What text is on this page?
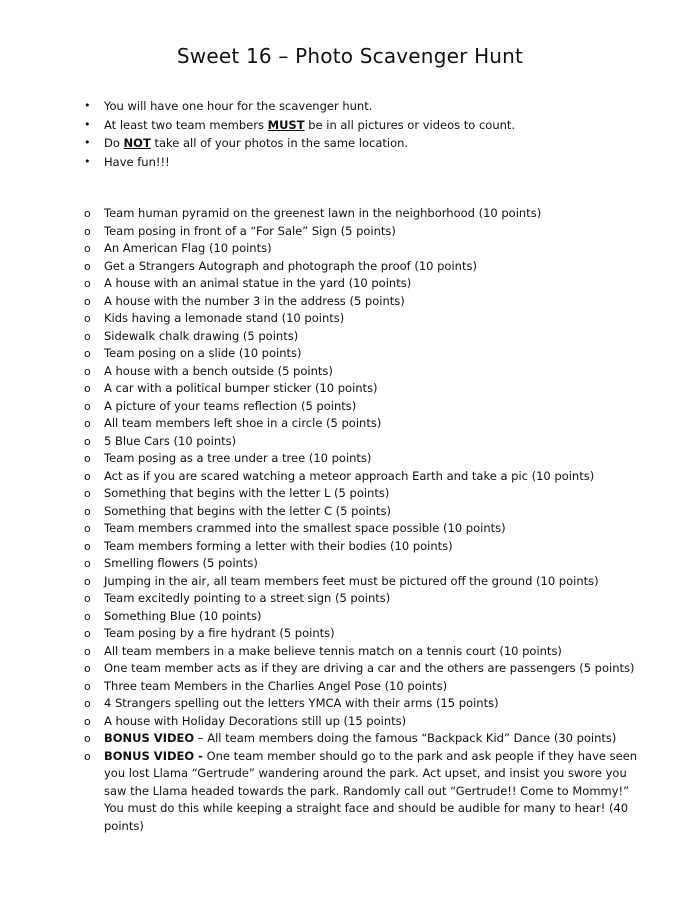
Sweet 16 – Photo Scavenger Hunt
• You will have one hour for the scavenger hunt.
• At least two team members MUST be in all pictures or videos to count.
• Do NOT take all of your photos in the same location.
• Have fun!!!
o Team human pyramid on the greenest lawn in the neighborhood (10 points)
o Team posing in front of a “For Sale” Sign (5 points)
o An American Flag (10 points)
o Get a Strangers Autograph and photograph the proof (10 points)
o A house with an animal statue in the yard (10 points)
o A house with the number 3 in the address (5 points)
o Kids having a lemonade stand (10 points)
o Sidewalk chalk drawing (5 points)
o Team posing on a slide (10 points)
o A house with a bench outside (5 points)
o A car with a political bumper sticker (10 points)
o A picture of your teams reflection (5 points)
o All team members left shoe in a circle (5 points)
o 5 Blue Cars (10 points)
o Team posing as a tree under a tree (10 points)
o Act as if you are scared watching a meteor approach Earth and take a pic (10 points)
o Something that begins with the letter L (5 points)
o Something that begins with the letter C (5 points)
o Team members crammed into the smallest space possible (10 points)
o Team members forming a letter with their bodies (10 points)
o Smelling flowers (5 points)
o Jumping in the air, all team members feet must be pictured off the ground (10 points)
o Team excitedly pointing to a street sign (5 points)
o Something Blue (10 points)
o Team posing by a fire hydrant (5 points)
o All team members in a make believe tennis match on a tennis court (10 points)
o One team member acts as if they are driving a car and the others are passengers (5 points)
o Three team Members in the Charlies Angel Pose (10 points)
o 4 Strangers spelling out the letters YMCA with their arms (15 points)
o A house with Holiday Decorations still up (15 points)
o BONUS VIDEO – All team members doing the famous “Backpack Kid” Dance (30 points)
o BONUS VIDEO - One team member should go to the park and ask people if they have seen you lost Llama “Gertrude” wandering around the park. Act upset, and insist you swore you saw the Llama headed towards the park. Randomly call out “Gertrude!! Come to Mommy!” You must do this while keeping a straight face and should be audible for many to hear! (40 points)
